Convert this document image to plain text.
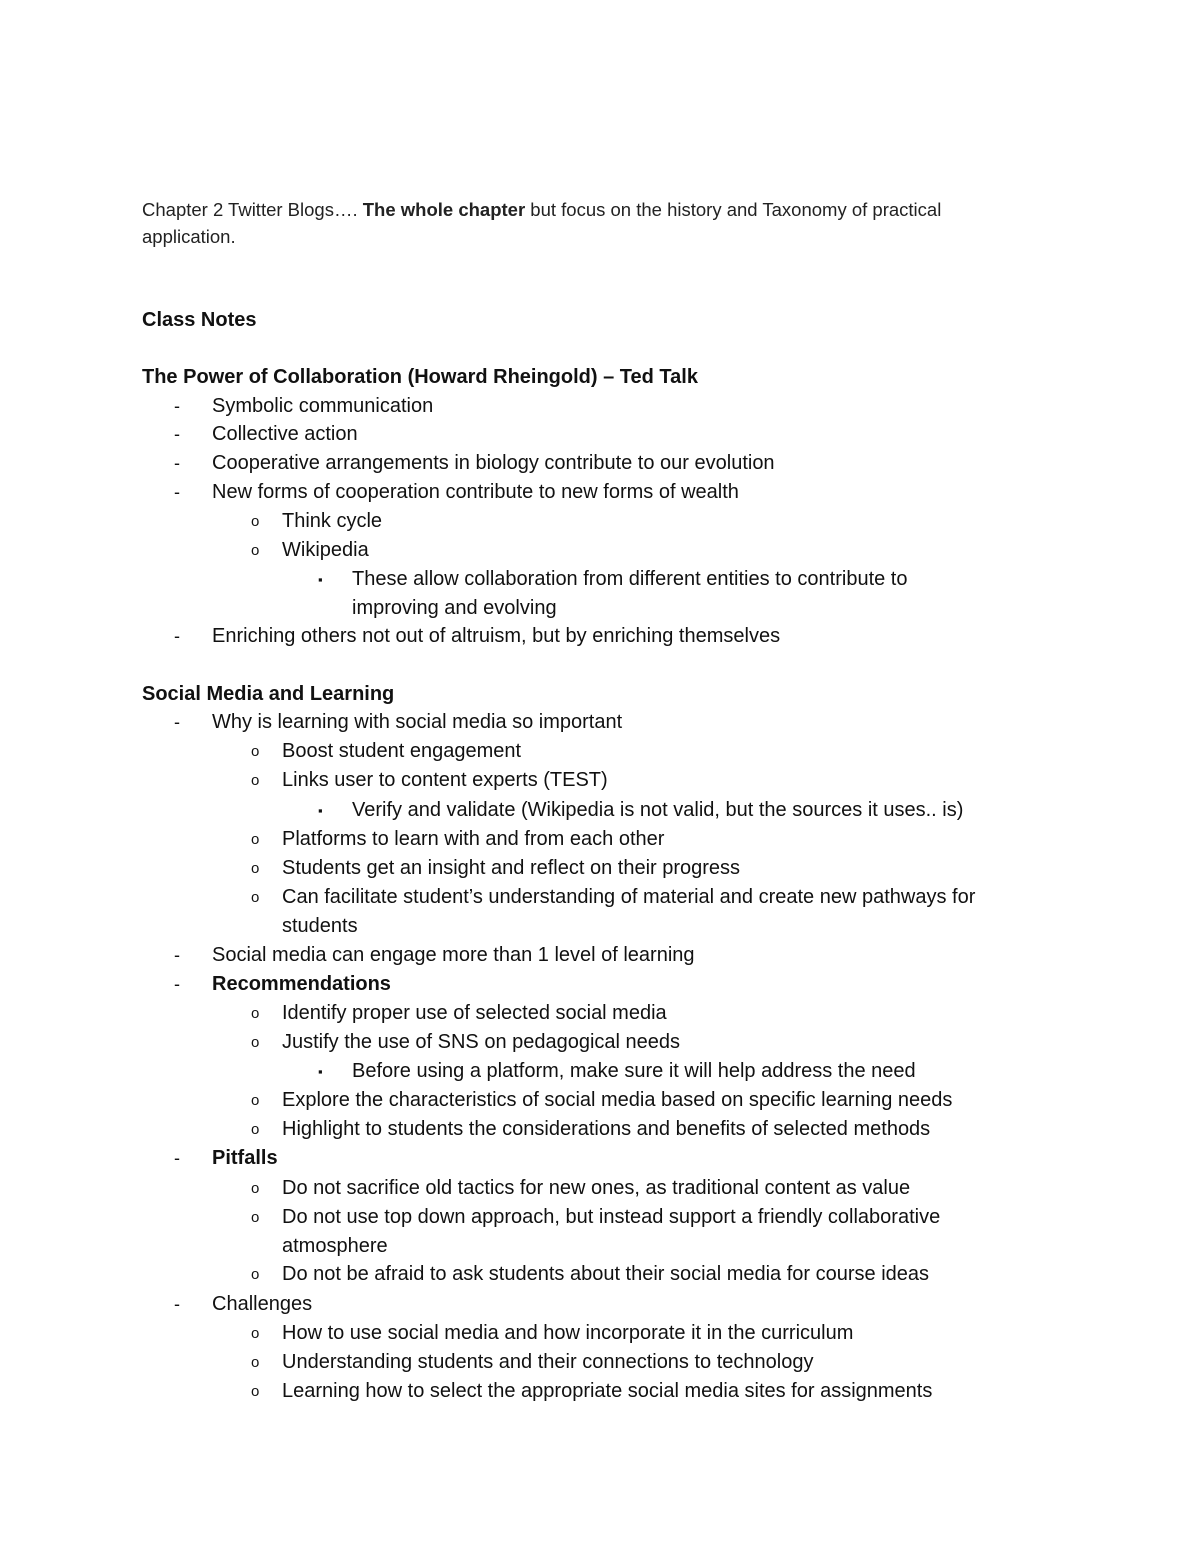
Chapter 2 Twitter Blogs…. The whole chapter but focus on the history and Taxonomy of practical application.
Class Notes
The Power of Collaboration (Howard Rheingold) – Ted Talk
- Symbolic communication
- Collective action
- Cooperative arrangements in biology contribute to our evolution
- New forms of cooperation contribute to new forms of wealth
o Think cycle
o Wikipedia
▪ These allow collaboration from different entities to contribute to
improving and evolving
- Enriching others not out of altruism, but by enriching themselves
Social Media and Learning
- Why is learning with social media so important
o Boost student engagement
o Links user to content experts (TEST)
▪ Verify and validate (Wikipedia is not valid, but the sources it uses.. is)
o Platforms to learn with and from each other
o Students get an insight and reflect on their progress
o Can facilitate student’s understanding of material and create new pathways for
students
- Social media can engage more than 1 level of learning
- Recommendations
o Identify proper use of selected social media
o Justify the use of SNS on pedagogical needs
▪ Before using a platform, make sure it will help address the need
o Explore the characteristics of social media based on specific learning needs
o Highlight to students the considerations and benefits of selected methods
- Pitfalls
o Do not sacrifice old tactics for new ones, as traditional content as value
o Do not use top down approach, but instead support a friendly collaborative
atmosphere
o Do not be afraid to ask students about their social media for course ideas
- Challenges
o How to use social media and how incorporate it in the curriculum
o Understanding students and their connections to technology
o Learning how to select the appropriate social media sites for assignments
